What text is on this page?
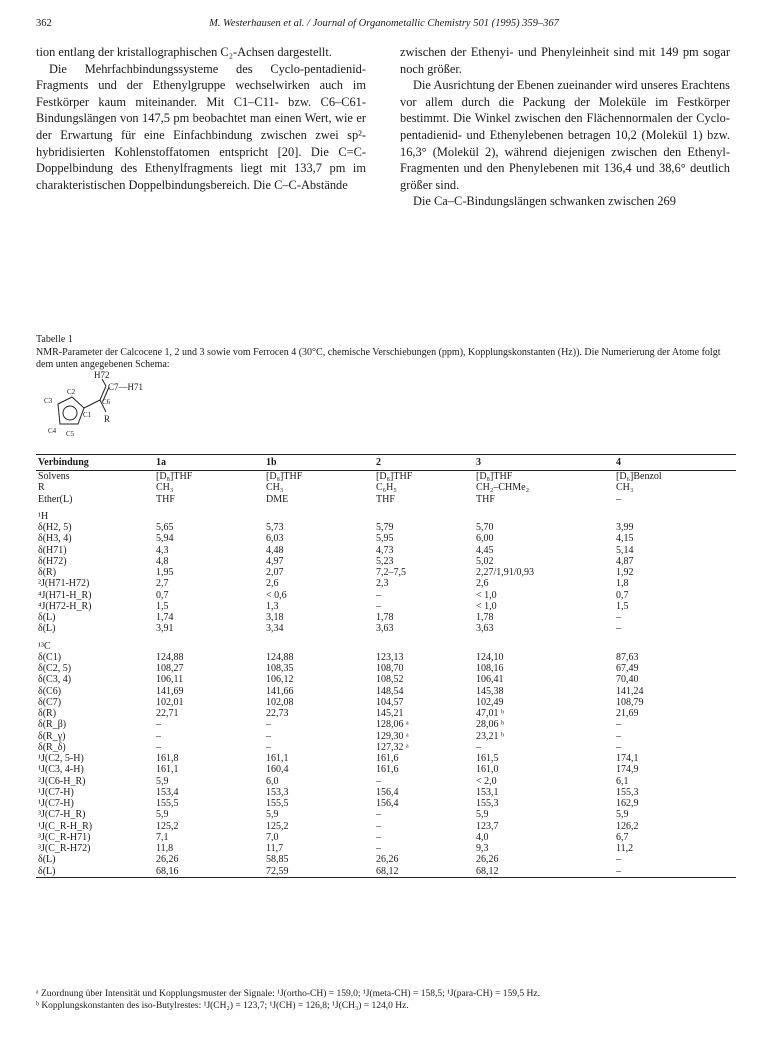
362	M. Westerhausen et al. / Journal of Organometallic Chemistry 501 (1995) 359–367

tion entlang der kristallographischen C₂-Achsen dargestellt.

Die Mehrfachbindungssysteme des Cyclo-pentadienid-Fragments und der Ethenylgruppe wechselwirken auch im Festkörper kaum miteinander. Mit C1–C11- bzw. C6–C61-Bindungslängen von 147,5 pm beobachtet man einen Wert, wie er der Erwartung für eine Einfachbindung zwischen zwei sp²-hybridisierten Kohlenstoffatomen entspricht [20]. Die C=C-Doppelbindung des Ethenylfragments liegt mit 133,7 pm im charakteristischen Doppelbindungsbereich. Die C–C-Abstände

zwischen der Ethenyi- und Phenyleinheit sind mit 149 pm sogar noch größer.

Die Ausrichtung der Ebenen zueinander wird unseres Erachtens vor allem durch die Packung der Moleküle im Festkörper bestimmt. Die Winkel zwischen den Flächennormalen der Cyclo-pentadienid- und Ethenylebenen betragen 10,2 (Molekül 1) bzw. 16,3° (Molekül 2), während diejenigen zwischen den Ethenyl-Fragmenten und den Phenylebenen mit 136,4 und 38,6° deutlich größer sind.

Die Ca–C-Bindungslängen schwanken zwischen 269

Tabelle 1
NMR-Parameter der Calcocene 1, 2 und 3 sowie vom Ferrocen 4 (30°C, chemische Verschiebungen (ppm), Kopplungskonstanten (Hz)). Die Numerierung der Atome folgt dem unten angegebenen Schema:
H72
C7—H71
C2
C3
C1
C6
C4 C5
R
Verbindung	1a	1b	2	3	4
Solvens	[D₈]THF	[D₈]THF	[D₈]THF	[D₈]THF	[D₆]Benzol
R	CH₃	CH₃	C₆H₅	CH₂–CHMe₂	CH₃
Ether(L)	THF	DME	THF	THF	–

¹H					
δ(H2, 5)	5,65	5,73	5,79	5,70	3,99
δ(H3, 4)	5,94	6,03	5,95	6,00	4,15
δ(H71)	4,3	4,48	4,73	4,45	5,14
δ(H72)	4,8	4,97	5,23	5,02	4,87
δ(R)	1,95	2,07	7,2–7,5	2,27/1,91/0,93	1,92
²J(H71-H72)	2,7	2,6	2,3	2,6	1,8
⁴J(H71-H_R)	0,7	< 0,6	–	< 1,0	0,7
⁴J(H72-H_R)	1,5	1,3	–	< 1,0	1,5
δ(L)	1,74	3,18	1,78	1,78	–
δ(L)	3,91	3,34	3,63	3,63	–

¹³C					
δ(C1)	124,88	124,88	123,13	124,10	87,63
δ(C2, 5)	108,27	108,35	108,70	108,16	67,49
δ(C3, 4)	106,11	106,12	108,52	106,41	70,40
δ(C6)	141,69	141,66	148,54	145,38	141,24
δ(C7)	102,01	102,08	104,57	102,49	108,79
δ(R)	22,71	22,73	145,21	47,01 ᵇ	21,69
δ(R_β)	–	–	128,06 ᵃ	28,06 ᵇ	–
δ(R_γ)	–	–	129,30 ᵃ	23,21 ᵇ	–
δ(R_δ)	–	–	127,32 ᵃ	–	–
¹J(C2, 5-H)	161,8	161,1	161,6	161,5	174,1
¹J(C3, 4-H)	161,1	160,4	161,6	161,0	174,9
²J(C6-H_R)	5,9	6,0	–	< 2,0	6,1
¹J(C7-H)	153,4	153,3	156,4	153,1	155,3
¹J(C7-H)	155,5	155,5	156,4	155,3	162,9
³J(C7-H_R)	5,9	5,9	–	5,9	5,9
¹J(C_R-H_R)	125,2	125,2	–	123,7	126,2
³J(C_R-H71)	7,1	7,0	–	4,0	6,7
³J(C_R-H72)	11,8	11,7	–	9,3	11,2
δ(L)	26,26	58,85	26,26	26,26	–
δ(L)	68,16	72,59	68,12	68,12	–
ᵃ Zuordnung über Intensität und Kopplungsmuster der Signale: ¹J(ortho-CH) = 159,0; ¹J(meta-CH) = 158,5; ¹J(para-CH) = 159,5 Hz.
ᵇ Kopplungskonstanten des iso-Butylrestes: ¹J(CH₂) = 123,7; ¹J(CH) = 126,8; ¹J(CH₃) = 124,0 Hz.
